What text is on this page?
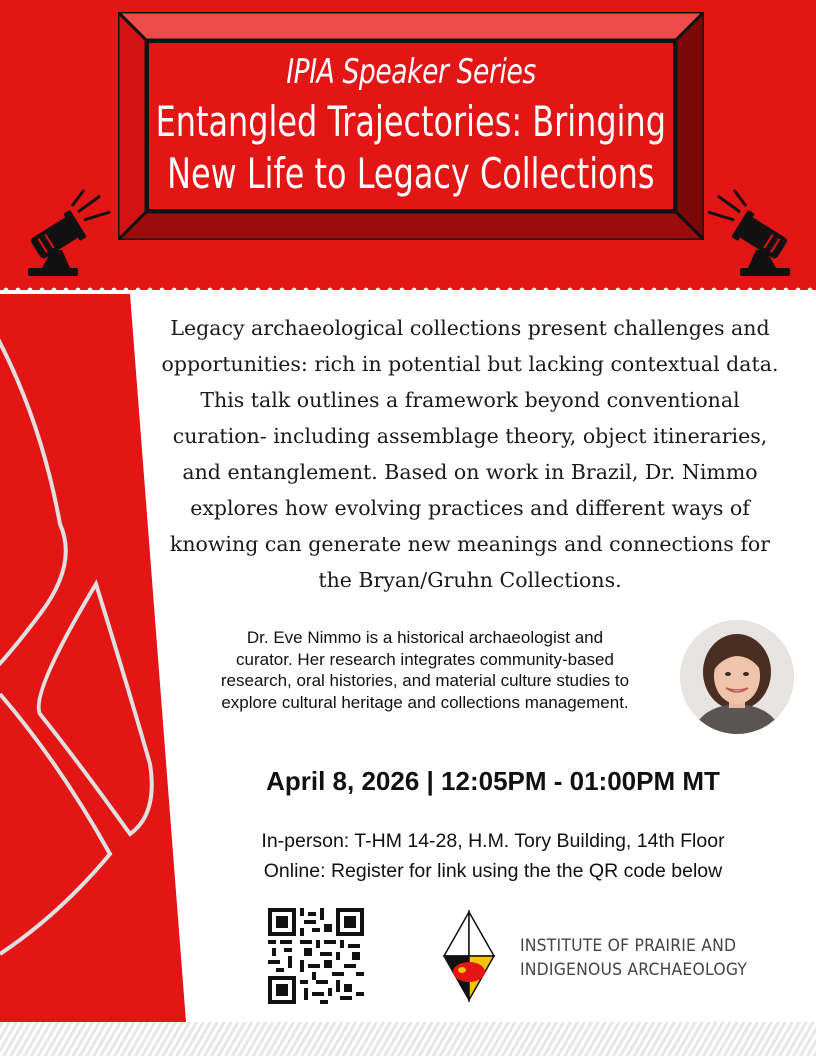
IPIA Speaker Series
Entangled Trajectories: Bringing
New Life to Legacy Collections
Legacy archaeological collections present challenges and
opportunities: rich in potential but lacking contextual data.
This talk outlines a framework beyond conventional
curation- including assemblage theory, object itineraries,
and entanglement. Based on work in Brazil, Dr. Nimmo
explores how evolving practices and different ways of
knowing can generate new meanings and connections for
the Bryan/Gruhn Collections.
Dr. Eve Nimmo is a historical archaeologist and
curator. Her research integrates community-based
research, oral histories, and material culture studies to
explore cultural heritage and collections management.
April 8, 2026 | 12:05PM - 01:00PM MT
In-person: T-HM 14-28, H.M. Tory Building, 14th Floor
Online: Register for link using the the QR code below
INSTITUTE OF PRAIRIE AND
INDIGENOUS ARCHAEOLOGY
